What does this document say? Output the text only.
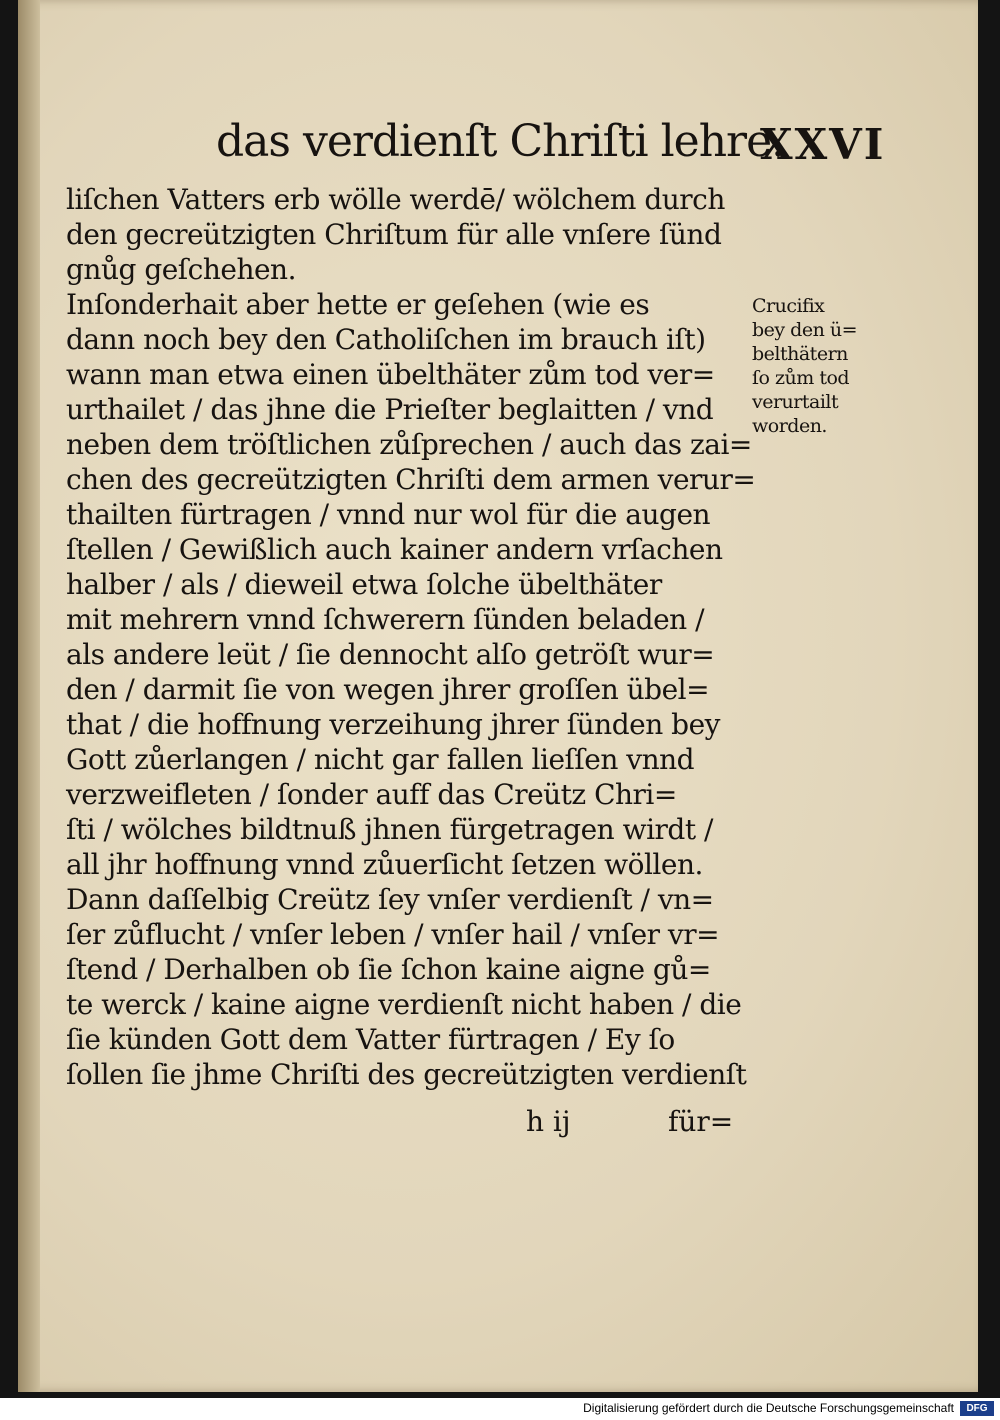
das verdienſt Chriſti lehre.
XXVI
liſchen Vatters erb wölle werdē/ wölchem durch
den gecreützigten Chriſtum für alle vnſere ſünd
gnůg geſchehen.
Inſonderhait aber hette er geſehen (wie es
dann noch bey den Catholiſchen im brauch iſt)
wann man etwa einen übelthäter zům tod ver=
urthailet / das jhne die Prieſter beglaitten / vnd
neben dem tröſtlichen zůſprechen / auch das zai=
chen des gecreützigten Chriſti dem armen verur=
thailten fürtragen / vnnd nur wol für die augen
ſtellen / Gewißlich auch kainer andern vrſachen
halber / als / dieweil etwa ſolche übelthäter
mit mehrern vnnd ſchwerern ſünden beladen /
als andere leüt / ſie dennocht alſo getröſt wur=
den / darmit ſie von wegen jhrer groſſen übel=
that / die hoffnung verzeihung jhrer ſünden bey
Gott zůerlangen / nicht gar fallen lieſſen vnnd
verzweifleten / ſonder auff das Creütz Chri=
ſti / wölches bildtnuß jhnen fürgetragen wirdt /
all jhr hoffnung vnnd zůuerſicht ſetzen wöllen.
Dann daſſelbig Creütz ſey vnſer verdienſt / vn=
ſer zůflucht / vnſer leben / vnſer hail / vnſer vr=
ſtend / Derhalben ob ſie ſchon kaine aigne gů=
te werck / kaine aigne verdienſt nicht haben / die
ſie künden Gott dem Vatter fürtragen / Ey ſo
ſollen ſie jhme Chriſti des gecreützigten verdienſt
Crucifix
bey den ü=
belthätern
ſo zům tod
verurtailt
worden.
h ij	für=
Digitalisierung gefördert durch die Deutsche Forschungsgemeinschaft	DFG
